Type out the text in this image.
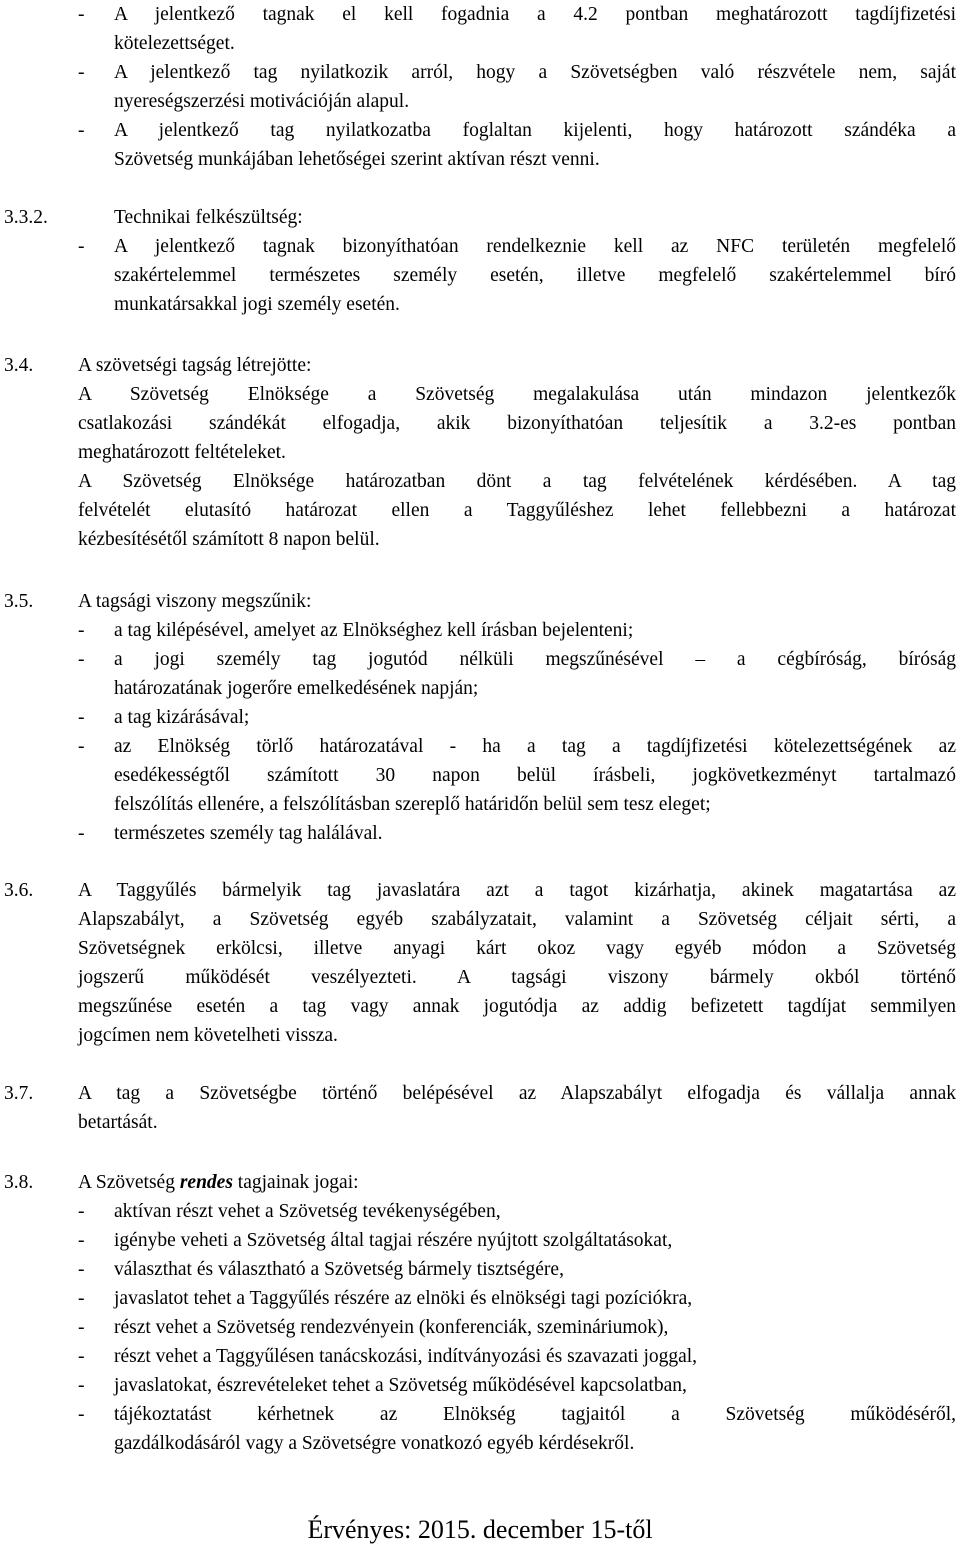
- A jelentkező tagnak el kell fogadnia a 4.2 pontban meghatározott tagdíjfizetési
kötelezettséget.
- A jelentkező tag nyilatkozik arról, hogy a Szövetségben való részvétele nem, saját
nyereségszerzési motivációján alapul.
- A jelentkező tag nyilatkozatba foglaltan kijelenti, hogy határozott szándéka a
Szövetség munkájában lehetőségei szerint aktívan részt venni.
3.3.2.	Technikai felkészültség:
- A jelentkező tagnak bizonyíthatóan rendelkeznie kell az NFC területén megfelelő
szakértelemmel természetes személy esetén, illetve megfelelő szakértelemmel bíró
munkatársakkal jogi személy esetén.
3.4. A szövetségi tagság létrejötte:
A Szövetség Elnöksége a Szövetség megalakulása után mindazon jelentkezők
csatlakozási szándékát elfogadja, akik bizonyíthatóan teljesítik a 3.2-es pontban
meghatározott feltételeket.
A Szövetség Elnöksége határozatban dönt a tag felvételének kérdésében. A tag
felvételét elutasító határozat ellen a Taggyűléshez lehet fellebbezni a határozat
kézbesítésétől számított 8 napon belül.
3.5. A tagsági viszony megszűnik:
- a tag kilépésével, amelyet az Elnökséghez kell írásban bejelenteni;
- a jogi személy tag jogutód nélküli megszűnésével – a cégbíróság, bíróság
határozatának jogerőre emelkedésének napján;
- a tag kizárásával;
- az Elnökség törlő határozatával - ha a tag a tagdíjfizetési kötelezettségének az
esedékességtől számított 30 napon belül írásbeli, jogkövetkezményt tartalmazó
felszólítás ellenére, a felszólításban szereplő határidőn belül sem tesz eleget;
- természetes személy tag halálával.
3.6. A Taggyűlés bármelyik tag javaslatára azt a tagot kizárhatja, akinek magatartása az
Alapszabályt, a Szövetség egyéb szabályzatait, valamint a Szövetség céljait sérti, a
Szövetségnek erkölcsi, illetve anyagi kárt okoz vagy egyéb módon a Szövetség
jogszerű működését veszélyezteti. A tagsági viszony bármely okból történő
megszűnése esetén a tag vagy annak jogutódja az addig befizetett tagdíjat semmilyen
jogcímen nem követelheti vissza.
3.7. A tag a Szövetségbe történő belépésével az Alapszabályt elfogadja és vállalja annak
betartását.
3.8. A Szövetség rendes tagjainak jogai:
- aktívan részt vehet a Szövetség tevékenységében,
- igénybe veheti a Szövetség által tagjai részére nyújtott szolgáltatásokat,
- választhat és választható a Szövetség bármely tisztségére,
- javaslatot tehet a Taggyűlés részére az elnöki és elnökségi tagi pozíciókra,
- részt vehet a Szövetség rendezvényein (konferenciák, szemináriumok),
- részt vehet a Taggyűlésen tanácskozási, indítványozási és szavazati joggal,
- javaslatokat, észrevételeket tehet a Szövetség működésével kapcsolatban,
- tájékoztatást kérhetnek az Elnökség tagjaitól a Szövetség működéséről,
gazdálkodásáról vagy a Szövetségre vonatkozó egyéb kérdésekről.
Érvényes: 2015. december 15-től
